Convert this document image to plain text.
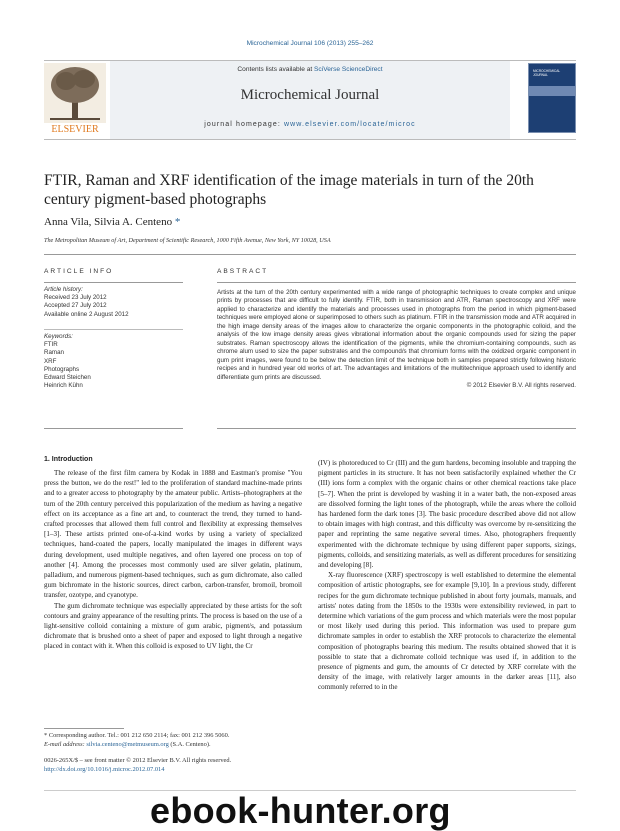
Microchemical Journal 106 (2013) 255–262
ELSEVIER
Contents lists available at SciVerse ScienceDirect
Microchemical Journal
journal homepage: www.elsevier.com/locate/microc
MICROCHEMICAL JOURNAL
FTIR, Raman and XRF identification of the image materials in turn of the 20th century pigment-based photographs
Anna Vila, Silvia A. Centeno *
The Metropolitan Museum of Art, Department of Scientific Research, 1000 Fifth Avenue, New York, NY 10028, USA
ARTICLE INFO	ABSTRACT
Article history:
Received 23 July 2012
Accepted 27 July 2012
Available online 2 August 2012
Keywords:
FTIR
Raman
XRF
Photographs
Edward Steichen
Heinrich Kühn
Artists at the turn of the 20th century experimented with a wide range of photographic techniques to create complex and unique prints by processes that are difficult to fully identify. FTIR, both in transmission and ATR, Raman spectroscopy and XRF were applied to characterize and identify the materials and processes used in photographs from the period in which pigment-based techniques were employed alone or superimposed to others such as platinum. FTIR in the transmission mode and ATR acquired in the high image density areas of the images allow to characterize the organic components in the photographic colloid, and the analysis of the low image density areas gives vibrational information about the organic compounds used for sizing the paper substrates. Raman spectroscopy allows the identification of the pigments, while the chromium-containing compounds, such as chrome alum used to size the paper substrates and the compound/s that chromium forms with the oxidized organic component in gum print images, were found to be below the detection limit of the technique both in samples prepared strictly following historic recipes and in hundred year old works of art. The advantages and limitations of the multitechnique approach used to identify and differentiate gum prints are discussed.
© 2012 Elsevier B.V. All rights reserved.
1. Introduction

The release of the first film camera by Kodak in 1888 and Eastman's promise "You press the button, we do the rest!" led to the proliferation of standard machine-made prints and to a greater access to photography by the amateur public. Artists–photographers at the turn of the 20th century perceived this popularization of the medium as having a negative effect on its acceptance as a fine art and, to counteract the trend, they turned to hand-crafted processes that allowed them full control and flexibility at expressing themselves [1–3]. These artists printed one-of-a-kind works by using a variety of specialized techniques, hand-coated the papers, locally manipulated the images in different ways during development, used multiple negatives, and often layered one process on top of another [4]. Among the processes most commonly used are silver gelatin, platinum, palladium, and numerous pigment-based techniques, such as gum dichromate, also called gum bichromate in the historic sources, direct carbon, carbon-transfer, bromoil, bromoil transfer, ozotype, and cyanotype.

The gum dichromate technique was especially appreciated by these artists for the soft contours and grainy appearance of the resulting prints. The process is based on the use of a light-sensitive colloid containing a mixture of gum arabic, pigment/s, and potassium dichromate that is brushed onto a sheet of paper and exposed to light through a negative placed in contact with it. When this colloid is exposed to UV light, the Cr

(IV) is photoreduced to Cr (III) and the gum hardens, becoming insoluble and trapping the pigment particles in its structure. It has not been satisfactorily explained whether the Cr (III) ions form a complex with the organic chains or other chemical reactions take place [5–7]. When the print is developed by washing it in a water bath, the non-exposed areas are dissolved forming the light tones of the photograph, while the areas where the colloid has hardened form the dark tones [3]. The basic procedure described above did not allow to obtain images with high contrast, and this difficulty was overcome by re-sensitizing the paper and reprinting the same negative several times. Also, photographers frequently experimented with the dichromate technique by using different paper supports, sizings, pigments, colloids, and sensitizing materials, as well as different procedures for sensitizing and developing [8].

X-ray fluorescence (XRF) spectroscopy is well established to determine the elemental composition of artistic photographs, see for example [9,10]. In a previous study, different recipes for the gum dichromate technique published in about forty journals, manuals, and artists' notes dating from the 1850s to the 1930s were extensibility reviewed, in part to determine which variations of the gum process and which materials were the most popular or most likely used during this period. This information was used to prepare gum dichromate samples in order to establish the XRF protocols to characterize the elemental composition of photographs bearing this medium. The results obtained showed that it is possible to state that a dichromate colloid technique was used if, in addition to the presence of pigments and gum, the amounts of Cr detected by XRF correlate with the density of the image, with relatively larger amounts in the darker areas [11], also commonly referred to in the

* Corresponding author. Tel.: 001 212 650 2114; fax: 001 212 396 5060.
E-mail address: silvia.centeno@metmuseum.org (S.A. Centeno).
0026-265X/$ – see front matter © 2012 Elsevier B.V. All rights reserved.
http://dx.doi.org/10.1016/j.microc.2012.07.014
ebook-hunter.org
